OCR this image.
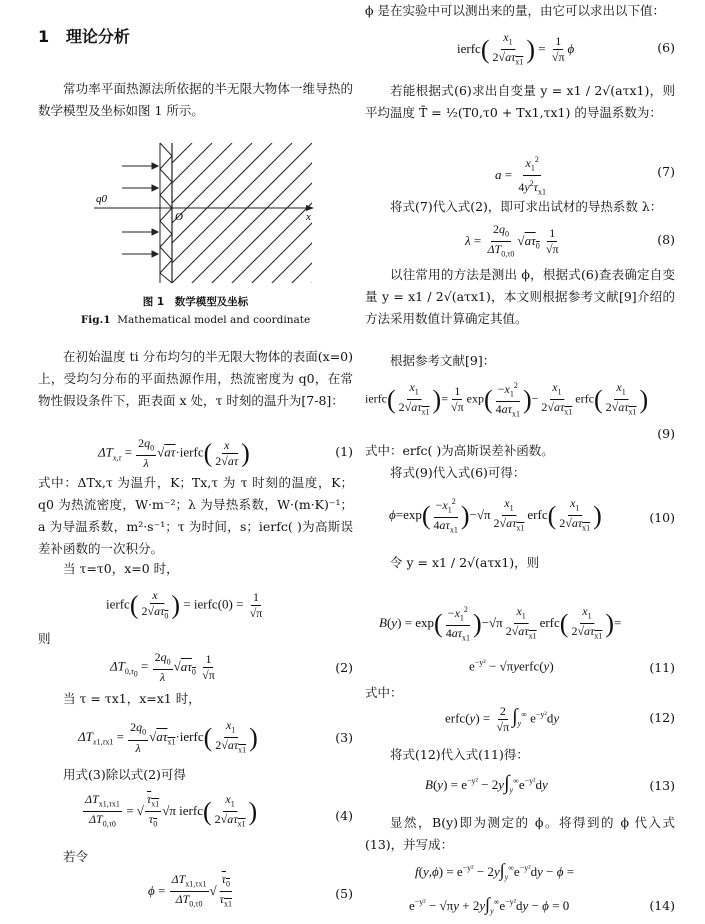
1 理论分析
常功率平面热源法所依据的半无限大物体一维导热的数学模型及坐标如图 1 所示。
q0
O	x
图 1　数学模型及坐标
Fig.1 Mathematical model and coordinate
在初始温度 ti 分布均匀的半无限大物体的表面(x=0)上，受均匀分布的平面热源作用，热流密度为 q0，在常物性假设条件下，距表面 x 处，τ 时刻的温升为[7-8]：
$\Delta T_{x,\tau} = \frac{2q_0}{\lambda}$ √aτ·ierfc( $\frac{x}{2√a\tau}$ )	(1)
式中：ΔTx,τ 为温升，K；Tx,τ 为 τ 时刻的温度，K；q0 为热流密度，W·m⁻²；λ 为导热系数，W·(m·K)⁻¹；a 为导温系数，m²·s⁻¹；τ 为时间，s；ierfc( )为高斯误差补函数的一次积分。
当 τ=τ0，x=0 时，
ierfc( $\frac{x}{2√a\tau_0}$ ) = ierfc(0) = $\frac{1}{√\pi}$
则
$\Delta T_{0,\tau_0} = \frac{2q_0}{\lambda} √a\tau_0 \frac{1}{√\pi}$	(2)
当 τ = τx1，x=x1 时，
$\Delta T_{x1,\tau x1} = \frac{2q_0}{\lambda}$ $√a\tau_{x1}\cdot ierfc( \frac{x_1}{2√a\tau_{x1}}$ )	(3)
用式(3)除以式(2)可得
$\frac{\Delta T_{x1,\tau x1}}{\Delta T_{0,\tau 0}}$ = √ $\frac{\tau_{x1}}{\tau_0} √\pi$ ierfc( $\frac{x_1}{2√a\tau_{x1}}$ )	(4)
若令
$\phi = \frac{\Delta T_{x1,\tau x1}}{\Delta T_{0,\tau 0}}$ √ $\frac{\tau_0}{\tau_{x1}}$	(5)
ϕ 是在实验中可以测出来的量，由它可以求出以下值：
ierfc( $\frac{x_1}{2√a\tau_{x1}}$ ) = $\frac{1}{√\pi}$ ϕ	(6)
若能根据式(6)求出自变量 y = x1 / 2√(aτx1)，则平均温度 T̄ = ½(T0,τ0 + Tx1,τx1) 的导温系数为：
$a = \frac{x_1^2}{4y^2\tau_{x1}}$	(7)
将式(7)代入式(2)，即可求出试材的导热系数 λ：
$\lambda = \frac{2q_0}{\Delta T_{0,\tau 0}} √a\tau_0 \frac{1}{√\pi}$	(8)
以往常用的方法是测出 ϕ，根据式(6)查表确定自变量 y = x1 / 2√(aτx1)，本文则根据参考文献[9]介绍的方法采用数值计算确定其值。
根据参考文献[9]：
ierfc( $\frac{x_1}{2√a\tau_{x1}}$ )= $\frac{1}{√\pi} \exp( \frac{-x_1^2}{4a\tau_{x1}}$ )− $\frac{x_1}{2√a\tau_{x1}}$ erfc( $\frac{x_1}{2√a\tau_{x1}}$ )
(9)
式中：erfc( )为高斯误差补函数。
将式(9)代入式(6)可得：
$\phi=\exp( \frac{-x_1^2}{4a\tau_{x1}} )-√\pi \frac{x_1}{2√a\tau_{x1}}$ erfc( $\frac{x_1}{2√a\tau_{x1}}$ )	(10)
令 y = x1 / 2√(aτx1)，则
$B(y) = \exp( \frac{-x_1^2}{4a\tau_{x1}} )-√\pi \frac{x_1}{2√a\tau_{x1}}$ erfc( $\frac{x_1}{2√a\tau_{x1}}$ )=
$e^{-y^2}$ − √πyerfc(y)	(11)
式中：
erfc(y) = $\frac{2}{√\pi} \int_y^\infty$ $e^{-y^2}dy$	(12)
将式(12)代入式(11)得：
$B(y) = e^{-y^2} - 2y\int_y^\infty e^{-y^2}dy$	(13)
显然，B(y)即为测定的 ϕ。将得到的 ϕ 代入式(13)，并写成：
$f(y,\phi) = e^{-y^2} - 2y\int_y^\infty e^{-y^2}dy - \phi$ =
$e^{-y^2} - √\pi y + 2y\int_y^\infty e^{-y^2}dy - \phi = 0$	(14)
